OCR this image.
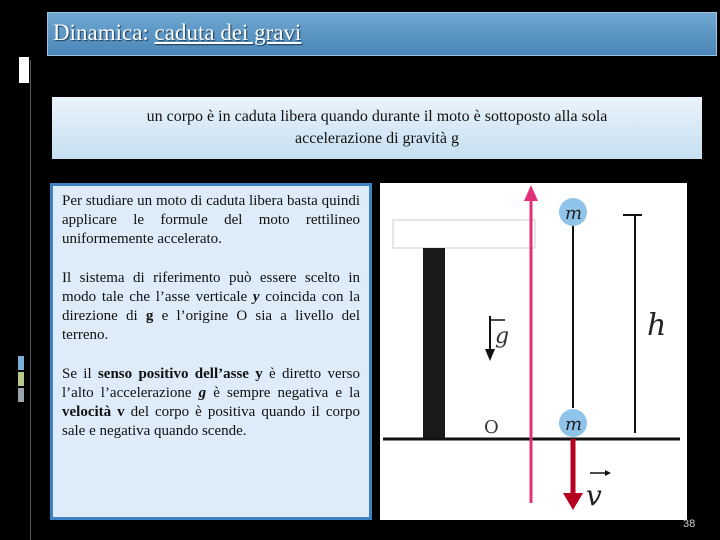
Dinamica: caduta dei gravi
un corpo è in caduta libera quando durante il moto è sottoposto alla sola
accelerazione di gravità g

Per studiare un moto di caduta libera basta quindi applicare le formule del moto rettilineo uniformemente accelerato.

Il sistema di riferimento può essere scelto in modo tale che l’asse verticale y coincida con la direzione di g e l’origine O sia a livello del terreno.

Se il senso positivo dell’asse y è diretto verso l’alto l’accelerazione g è sempre negativa e la velocità v del corpo è positiva quando il corpo sale e negativa quando scende.

g
m
m
h
O
v
38
